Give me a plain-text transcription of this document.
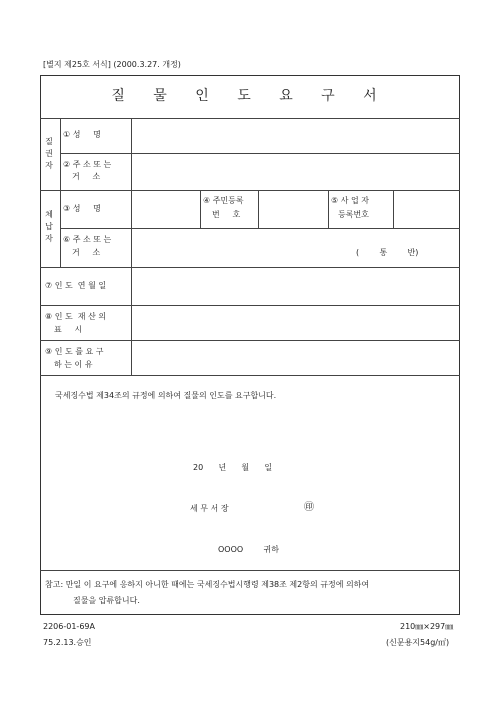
[별지 제25호 서식] (2000.3.27. 개정)
질 물 인 도 요 구 서
질권자
체납자
① 성     명
② 주 소 또 는
거     소
③ 성     명
④ 주민등록
번     호
⑤ 사 업 자
등록번호
⑥ 주 소 또 는
거     소	(        통        반)
⑦ 인 도  연 월 일
⑧ 인 도  재 산 의
표     시
⑨ 인 도 를 요 구
하 는 이 유
국세징수법 제34조의 규정에 의하여 질물의 인도를 요구합니다.
20      년      월      일
세 무 서 장	㊞
OOOO        귀하
참고: 만일 이 요구에 응하지 아니한 때에는 국세징수법시행령 제38조 제2항의 규정에 의하여
질물을 압류합니다.
2206-01-69A
75.2.13.승인
210㎜×297㎜
(신문용지54g/㎡)
